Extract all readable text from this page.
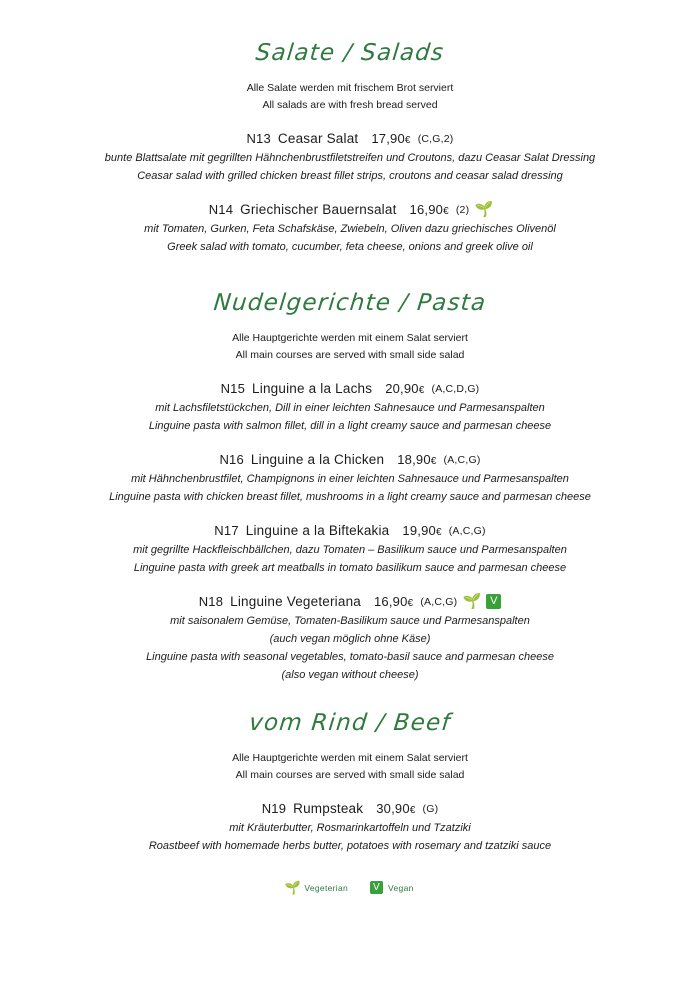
Salate / Salads
Alle Salate werden mit frischem Brot serviert
All salads are with fresh bread served
N13 Ceasar Salat 17,90€ (C,G,2)
bunte Blattsalate mit gegrillten Hähnchenbrustfiletstreifen und Croutons, dazu Ceasar Salat Dressing
Ceasar salad with grilled chicken breast fillet strips, croutons and ceasar salad dressing
N14 Griechischer Bauernsalat 16,90€ (2) 🌱
mit Tomaten, Gurken, Feta Schafskäse, Zwiebeln, Oliven dazu griechisches Olivenöl
Greek salad with tomato, cucumber, feta cheese, onions and greek olive oil
Nudelgerichte / Pasta
Alle Hauptgerichte werden mit einem Salat serviert
All main courses are served with small side salad
N15 Linguine a la Lachs 20,90€ (A,C,D,G)
mit Lachsfiletstückchen, Dill in einer leichten Sahnesauce und Parmesanspalten
Linguine pasta with salmon fillet, dill in a light creamy sauce and parmesan cheese
N16 Linguine a la Chicken 18,90€ (A,C,G)
mit Hähnchenbrustfilet, Champignons in einer leichten Sahnesauce und Parmesanspalten
Linguine pasta with chicken breast fillet, mushrooms in a light creamy sauce and parmesan cheese
N17 Linguine a la Biftekakia 19,90€ (A,C,G)
mit gegrillte Hackfleischbällchen, dazu Tomaten – Basilikum sauce und Parmesanspalten
Linguine pasta with greek art meatballs in tomato basilikum sauce and parmesan cheese
N18 Linguine Vegeteriana 16,90€ (A,C,G) 🌱 V
mit saisonalem Gemüse, Tomaten-Basilikum sauce und Parmesanspalten
(auch vegan möglich ohne Käse)
Linguine pasta with seasonal vegetables, tomato-basil sauce and parmesan cheese
(also vegan without cheese)
vom Rind / Beef
Alle Hauptgerichte werden mit einem Salat serviert
All main courses are served with small side salad
N19 Rumpsteak 30,90€ (G)
mit Kräuterbutter, Rosmarinkartoffeln und Tzatziki
Roastbeef with homemade herbs butter, potatoes with rosemary and tzatziki sauce
🌱 Vegeterian	V Vegan
